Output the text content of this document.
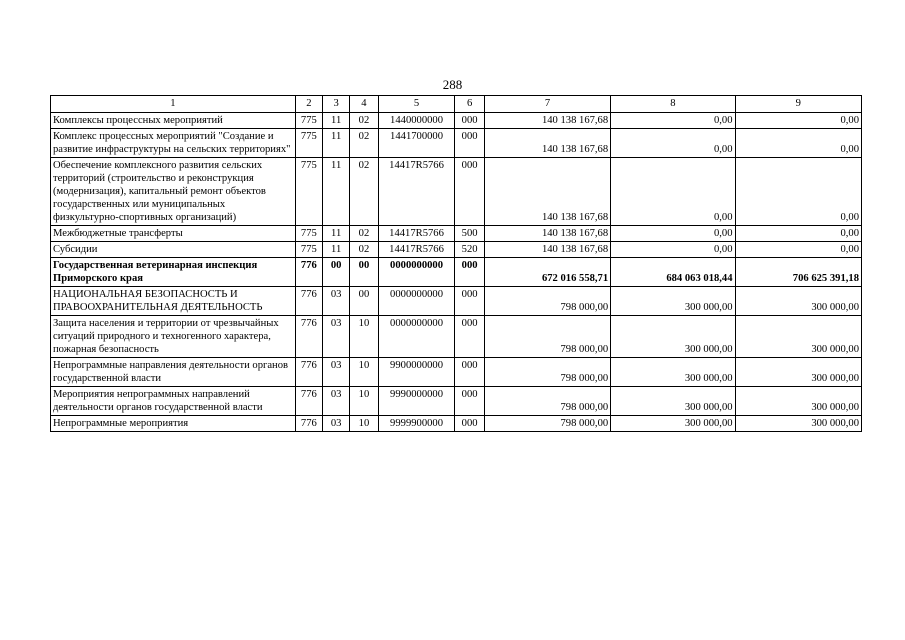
288
1	2	3	4	5	6	7	8	9
Комплексы процессных мероприятий	775	11	02	1440000000	000	140 138 167,68	0,00	0,00
Комплекс процессных мероприятий "Создание и развитие инфраструктуры на сельских территориях"	775	11	02	1441700000	000	140 138 167,68	0,00	0,00
Обеспечение комплексного развития сельских территорий (строительство и реконструкция (модернизация), капитальный ремонт объектов государственных или муниципальных физкультурно-спортивных организаций)	775	11	02	14417R5766	000	140 138 167,68	0,00	0,00
Межбюджетные трансферты	775	11	02	14417R5766	500	140 138 167,68	0,00	0,00
Субсидии	775	11	02	14417R5766	520	140 138 167,68	0,00	0,00
Государственная ветеринарная инспекция Приморского края	776	00	00	0000000000	000	672 016 558,71	684 063 018,44	706 625 391,18
НАЦИОНАЛЬНАЯ БЕЗОПАСНОСТЬ И ПРАВООХРАНИТЕЛЬНАЯ ДЕЯТЕЛЬНОСТЬ	776	03	00	0000000000	000	798 000,00	300 000,00	300 000,00
Защита населения и территории от чрезвычайных ситуаций природного и техногенного характера, пожарная безопасность	776	03	10	0000000000	000	798 000,00	300 000,00	300 000,00
Непрограммные направления деятельности органов государственной власти	776	03	10	9900000000	000	798 000,00	300 000,00	300 000,00
Мероприятия непрограммных направлений деятельности органов государственной власти	776	03	10	9990000000	000	798 000,00	300 000,00	300 000,00
Непрограммные мероприятия	776	03	10	9999900000	000	798 000,00	300 000,00	300 000,00
